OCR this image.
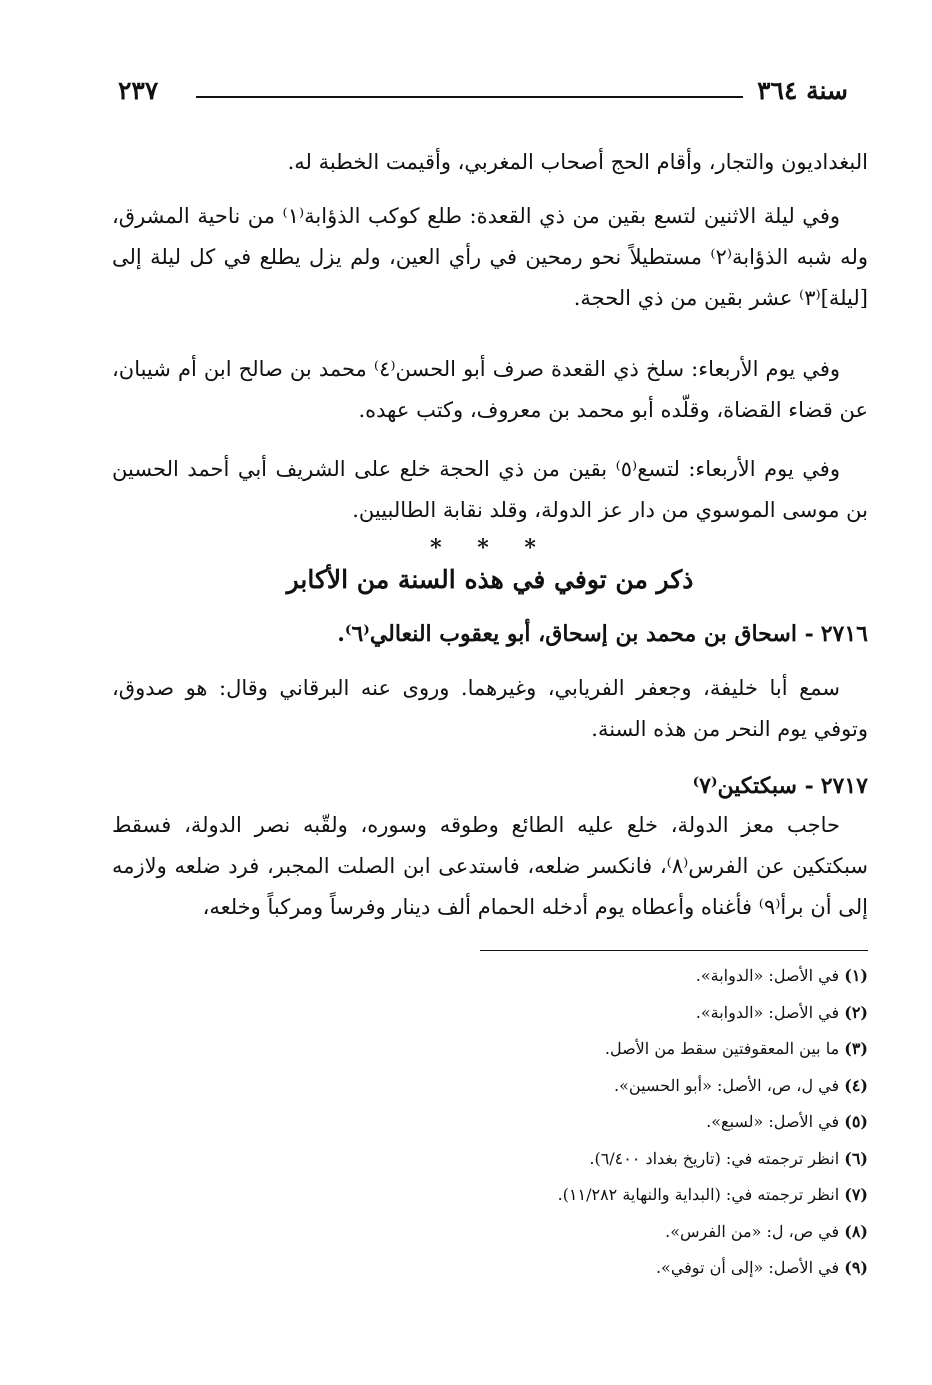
سنة ٣٦٤
٢٣٧

البغداديون والتجار، وأقام الحج أصحاب المغربي، وأقيمت الخطبة له.

وفي ليلة الاثنين لتسع بقين من ذي القعدة: طلع كوكب الذؤابة⁽١⁾ من ناحية المشرق، وله شبه الذؤابة⁽٢⁾ مستطيلاً نحو رمحين في رأي العين، ولم يزل يطلع في كل ليلة إلى [ليلة]⁽٣⁾ عشر بقين من ذي الحجة.

وفي يوم الأربعاء: سلخ ذي القعدة صرف أبو الحسن⁽٤⁾ محمد بن صالح ابن أم شيبان، عن قضاء القضاة، وقلّده أبو محمد بن معروف، وكتب عهده.

وفي يوم الأربعاء: لتسع⁽٥⁾ بقين من ذي الحجة خلع على الشريف أبي أحمد الحسين بن موسى الموسوي من دار عز الدولة، وقلد نقابة الطالبيين.

* * *
ذكر من توفي في هذه السنة من الأكابر
٢٧١٦ - اسحاق بن محمد بن إسحاق، أبو يعقوب النعالي⁽٦⁾.

سمع أبا خليفة، وجعفر الفريابي، وغيرهما. وروى عنه البرقاني وقال: هو صدوق، وتوفي يوم النحر من هذه السنة.

٢٧١٧ - سبكتكين⁽٧⁾

حاجب معز الدولة، خلع عليه الطائع وطوقه وسوره، ولقّبه نصر الدولة، فسقط سبكتكين عن الفرس⁽٨⁾، فانكسر ضلعه، فاستدعى ابن الصلت المجبر، فرد ضلعه ولازمه إلى أن برأ⁽٩⁾ فأغناه وأعطاه يوم أدخله الحمام ألف دينار وفرساً ومركباً وخلعه،

(١) في الأصل: «الدوابة».
(٢) في الأصل: «الدوابة».
(٣) ما بين المعقوفتين سقط من الأصل.
(٤) في ل، ص، الأصل: «أبو الحسين».
(٥) في الأصل: «لسبع».
(٦) انظر ترجمته في: (تاريخ بغداد ٦/٤٠٠).
(٧) انظر ترجمته في: (البداية والنهاية ١١/٢٨٢).
(٨) في ص، ل: «من الفرس».
(٩) في الأصل: «إلى أن توفي».
